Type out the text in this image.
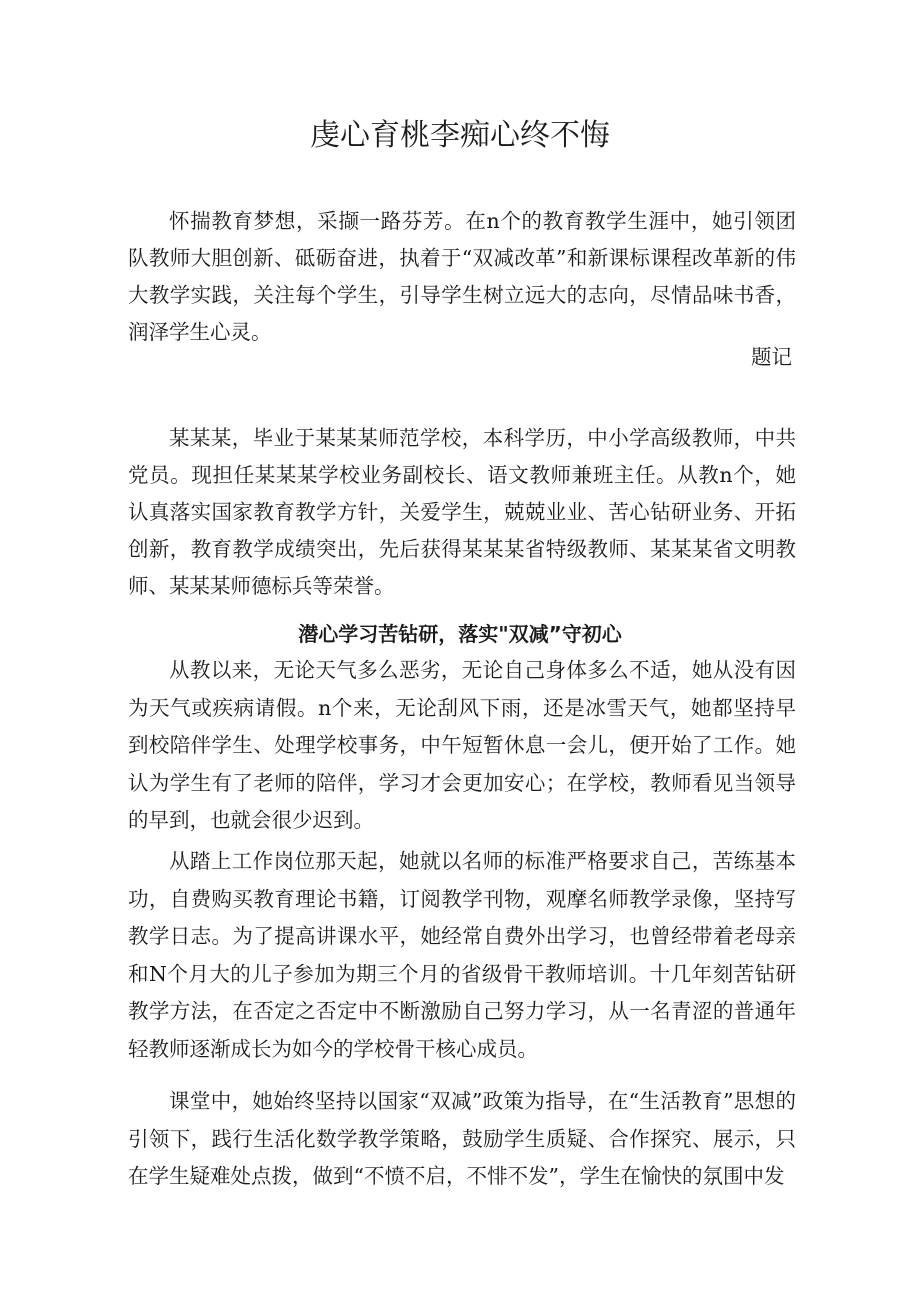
虔心育桃李痴心终不悔

怀揣教育梦想，采撷一路芬芳。在n个的教育教学生涯中，她引领团队教师大胆创新、砥砺奋进，执着于“双减改革”和新课标课程改革新的伟大教学实践，关注每个学生，引导学生树立远大的志向，尽情品味书香，润泽学生心灵。

题记

某某某，毕业于某某某师范学校，本科学历，中小学高级教师，中共党员。现担任某某某学校业务副校长、语文教师兼班主任。从教n个，她认真落实国家教育教学方针，关爱学生，兢兢业业、苦心钻研业务、开拓创新，教育教学成绩突出，先后获得某某某省特级教师、某某某省文明教师、某某某师德标兵等荣誉。

潜心学习苦钻研，落实"双减”守初心

从教以来，无论天气多么恶劣，无论自己身体多么不适，她从没有因为天气或疾病请假。n个来，无论刮风下雨，还是冰雪天气，她都坚持早到校陪伴学生、处理学校事务，中午短暂休息一会儿，便开始了工作。她认为学生有了老师的陪伴，学习才会更加安心；在学校，教师看见当领导的早到，也就会很少迟到。

从踏上工作岗位那天起，她就以名师的标准严格要求自己，苦练基本功，自费购买教育理论书籍，订阅教学刊物，观摩名师教学录像，坚持写教学日志。为了提高讲课水平，她经常自费外出学习，也曾经带着老母亲和N个月大的儿子参加为期三个月的省级骨干教师培训。十几年刻苦钻研教学方法，在否定之否定中不断激励自己努力学习，从一名青涩的普通年轻教师逐渐成长为如今的学校骨干核心成员。

课堂中，她始终坚持以国家“双减”政策为指导，在“生活教育”思想的引领下，践行生活化数学教学策略，鼓励学生质疑、合作探究、展示，只在学生疑难处点拨，做到“不愤不启，不悱不发”，学生在愉快的氛围中发
